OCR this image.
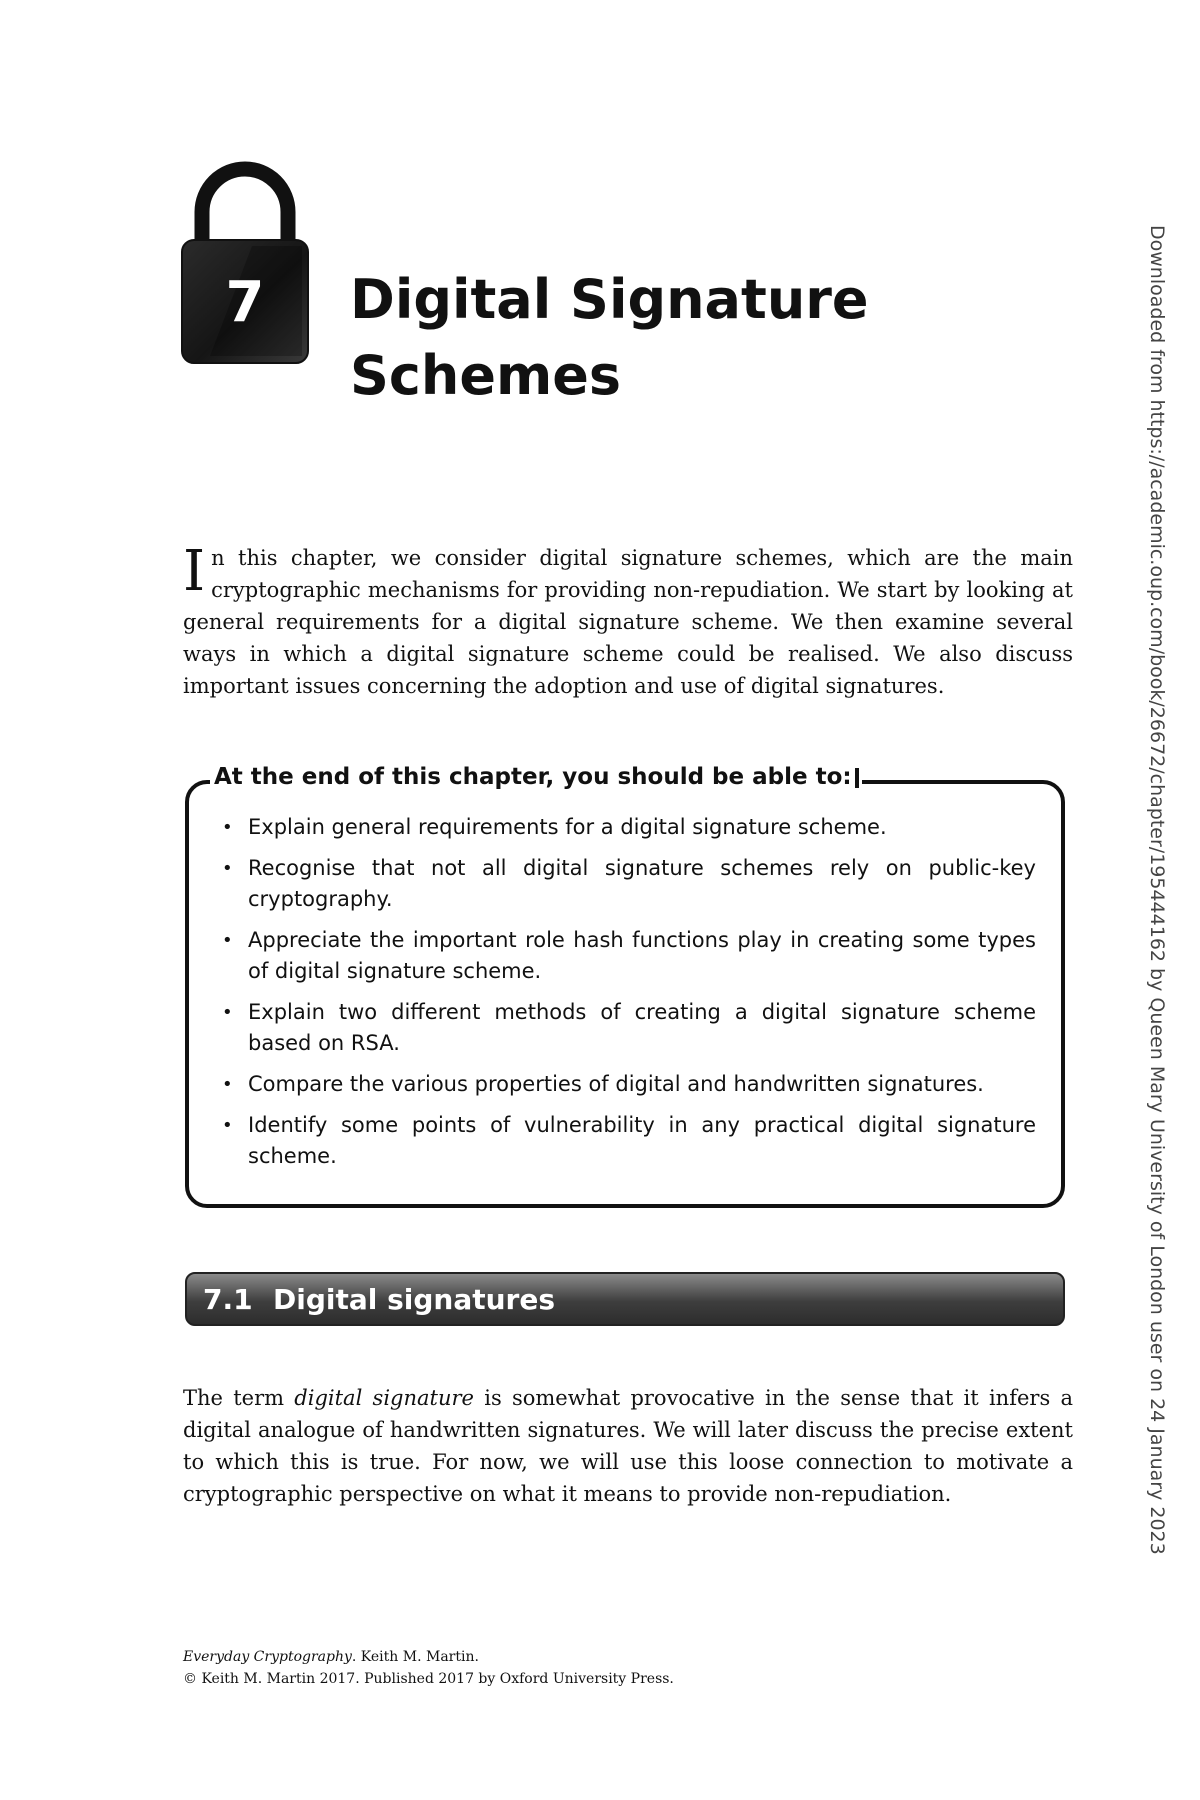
7	Digital Signature Schemes	Downloaded from https://academic.oup.com/book/26672/chapter/195444162 by Queen Mary University of London user on 24 January 2023

In this chapter, we consider digital signature schemes, which are the main cryptographic mechanisms for providing non-repudiation. We start by looking at general requirements for a digital signature scheme. We then examine several ways in which a digital signature scheme could be realised. We also discuss important issues concerning the adoption and use of digital signatures.

At the end of this chapter, you should be able to:
• Explain general requirements for a digital signature scheme.
• Recognise that not all digital signature schemes rely on public-key cryptography.
• Appreciate the important role hash functions play in creating some types of digital signature scheme.
• Explain two different methods of creating a digital signature scheme based on RSA.
• Compare the various properties of digital and handwritten signatures.
• Identify some points of vulnerability in any practical digital signature scheme.
7.1 Digital signatures

The term digital signature is somewhat provocative in the sense that it infers a digital analogue of handwritten signatures. We will later discuss the precise extent to which this is true. For now, we will use this loose connection to motivate a cryptographic perspective on what it means to provide non-repudiation.

Everyday Cryptography. Keith M. Martin.
© Keith M. Martin 2017. Published 2017 by Oxford University Press.
